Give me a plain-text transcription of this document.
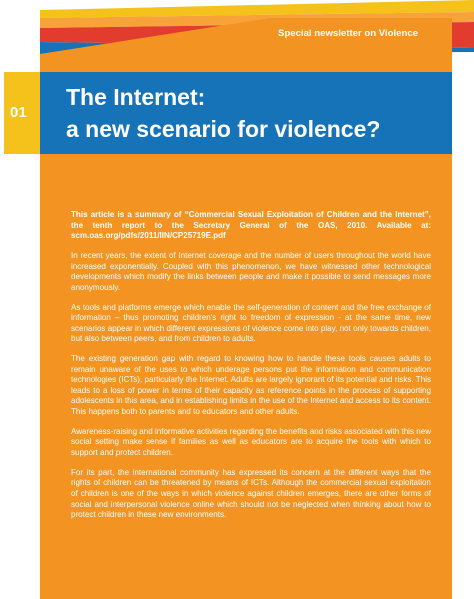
Special newsletter on Violence
01
The Internet:
a new scenario for violence?

This article is a summary of “Commercial Sexual Exploitation of Children and the Internet”, the tenth report to the Secretary General of the OAS, 2010. Available at: scm.oas.org/pdfs/2011/IIN/CP25719E.pdf

In recent years, the extent of Internet coverage and the number of users throughout the world have increased exponentially. Coupled with this phenomenon, we have witnessed other technological developments which modify the links between people and make it possible to send messages more anonymously.

As tools and platforms emerge which enable the self-generation of content and the free exchange of information – thus promoting children's right to freedom of expression - at the same time, new scenarios appear in which different expressions of violence come into play, not only towards children, but also between peers, and from children to adults.

The existing generation gap with regard to knowing how to handle these tools causes adults to remain unaware of the uses to which underage persons put the information and communication technologies (ICTs), particularly the Internet. Adults are largely ignorant of its potential and risks. This leads to a loss of power in terms of their capacity as reference points in the process of supporting adolescents in this area, and in establishing limits in the use of the Internet and access to its content. This happens both to parents and to educators and other adults.

Awareness-raising and informative activities regarding the benefits and risks associated with this new social setting make sense if families as well as educators are to acquire the tools with which to support and protect children.

For its part, the international community has expressed its concern at the different ways that the rights of children can be threatened by means of ICTs. Although the commercial sexual exploitation of children is one of the ways in which violence against children emerges, there are other forms of social and interpersonal violence online which should not be neglected when thinking about how to protect children in these new environments.
